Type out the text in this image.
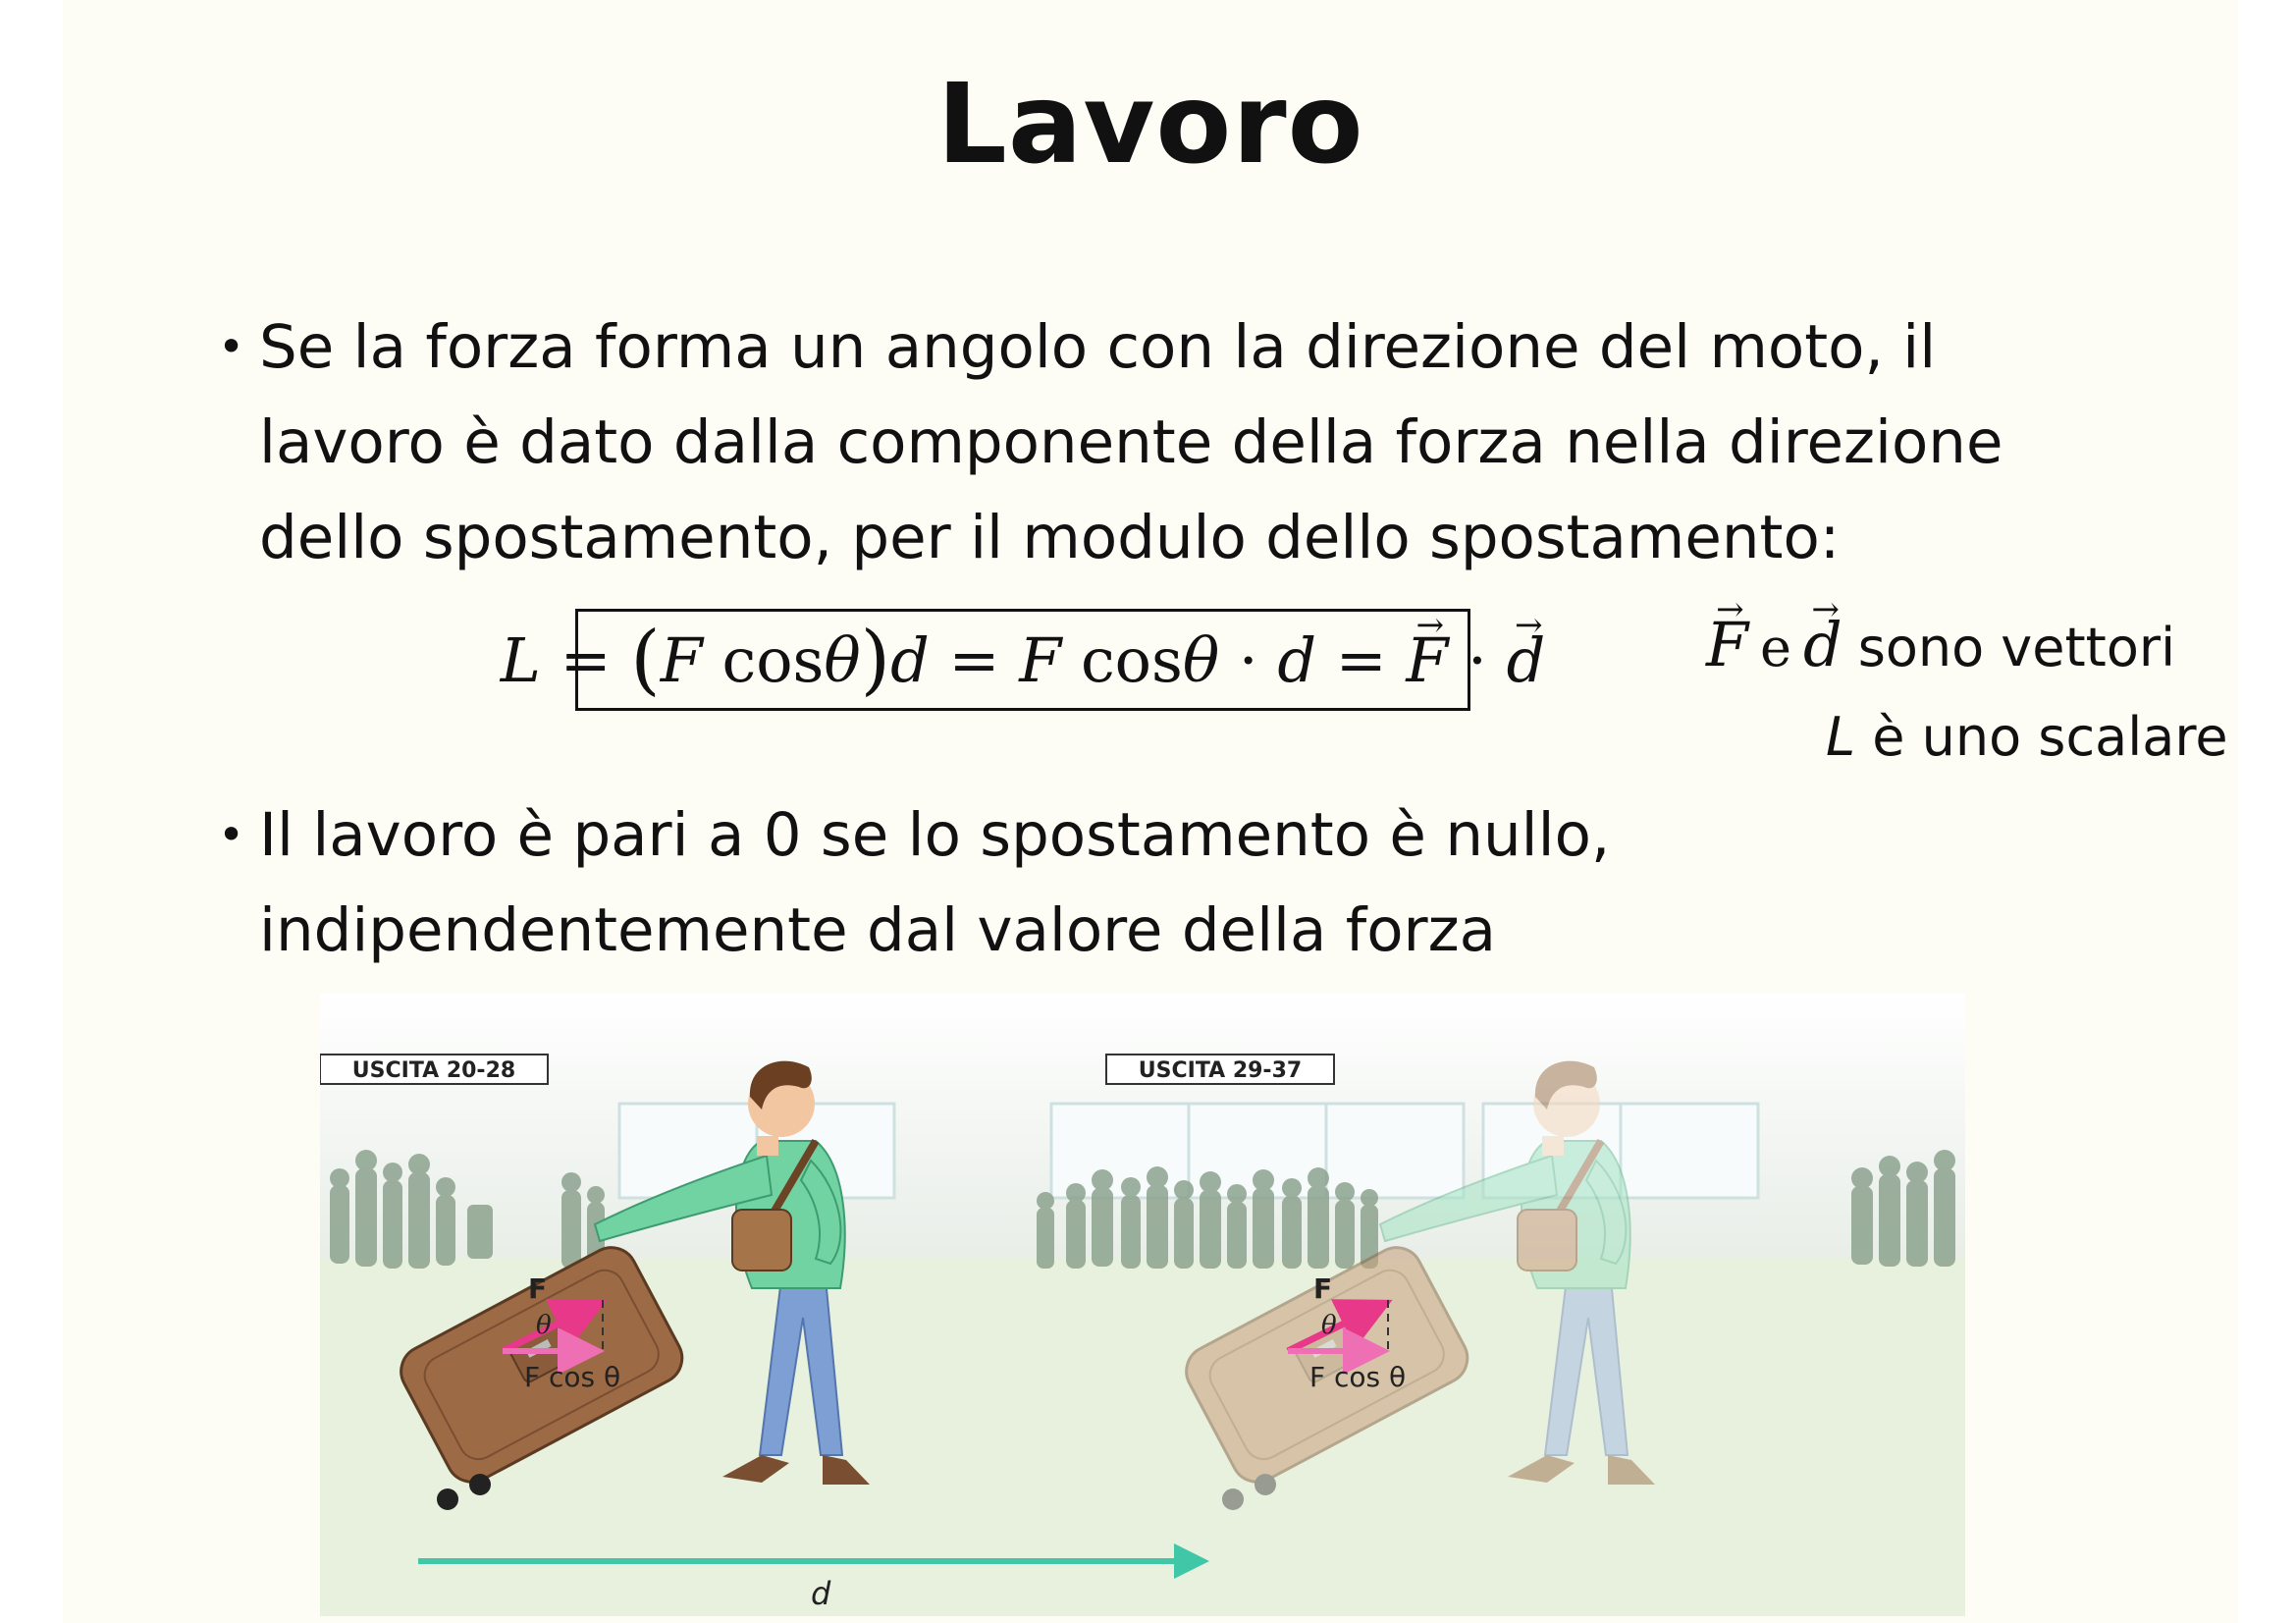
Lavoro
• Se la forza forma un angolo con la direzione del moto, il
lavoro è dato dalla componente della forza nella direzione
dello spostamento, per il modulo dello spostamento:
L
=
( F
cos θ ) d
=
F
cos θ
·
d
=
→ F
·
→ d	→ F e → d sono vettori
L è uno scalare
• Il lavoro è pari a 0 se lo spostamento è nullo,
indipendentemente dal valore della forza
USCITA 20-28	USCITA 29-37
F
θ
F cos θ
F
θ
F cos θ
d
